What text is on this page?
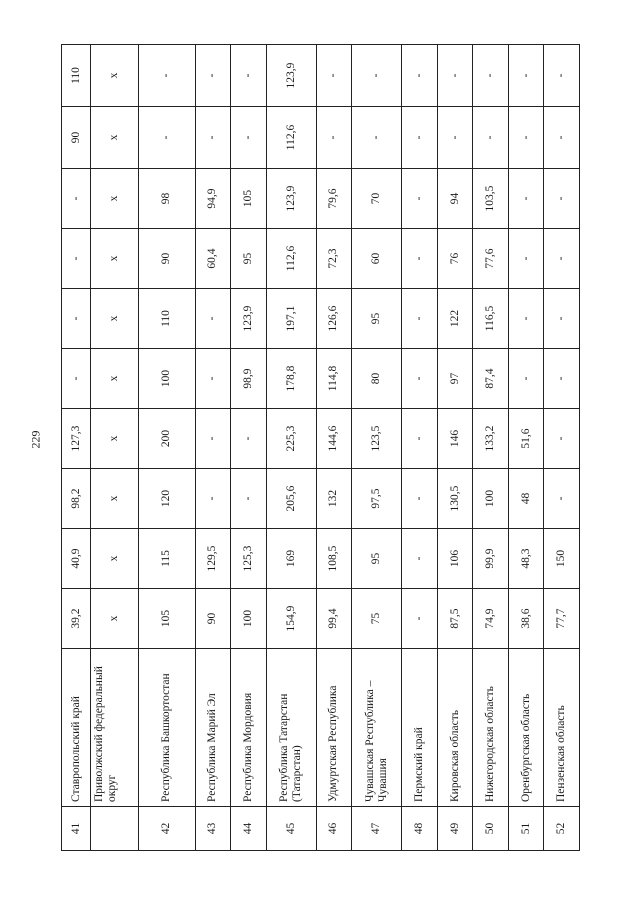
229
41	Ставропольский край	39,2	40,9	98,2	127,3	-	-	-	-	90	110
	Приволжский федеральный округ	x	x	x	x	x	x	x	x	x	x
42	Республика Башкортостан	105	115	120	200	100	110	90	98	-	-
43	Республика Марий Эл	90	129,5	-	-	-	-	60,4	94,9	-	-
44	Республика Мордовия	100	125,3	-	-	98,9	123,9	95	105	-	-
45	Республика Татарстан (Татарстан)	154,9	169	205,6	225,3	178,8	197,1	112,6	123,9	112,6	123,9
46	Удмуртская Республика	99,4	108,5	132	144,6	114,8	126,6	72,3	79,6	-	-
47	Чувашская Республика – Чувашия	75	95	97,5	123,5	80	95	60	70	-	-
48	Пермский край	-	-	-	-	-	-	-	-	-	-
49	Кировская область	87,5	106	130,5	146	97	122	76	94	-	-
50	Нижегородская область	74,9	99,9	100	133,2	87,4	116,5	77,6	103,5	-	-
51	Оренбургская область	38,6	48,3	48	51,6	-	-	-	-	-	-
52	Пензенская область	77,7	150	-	-	-	-	-	-	-	-
